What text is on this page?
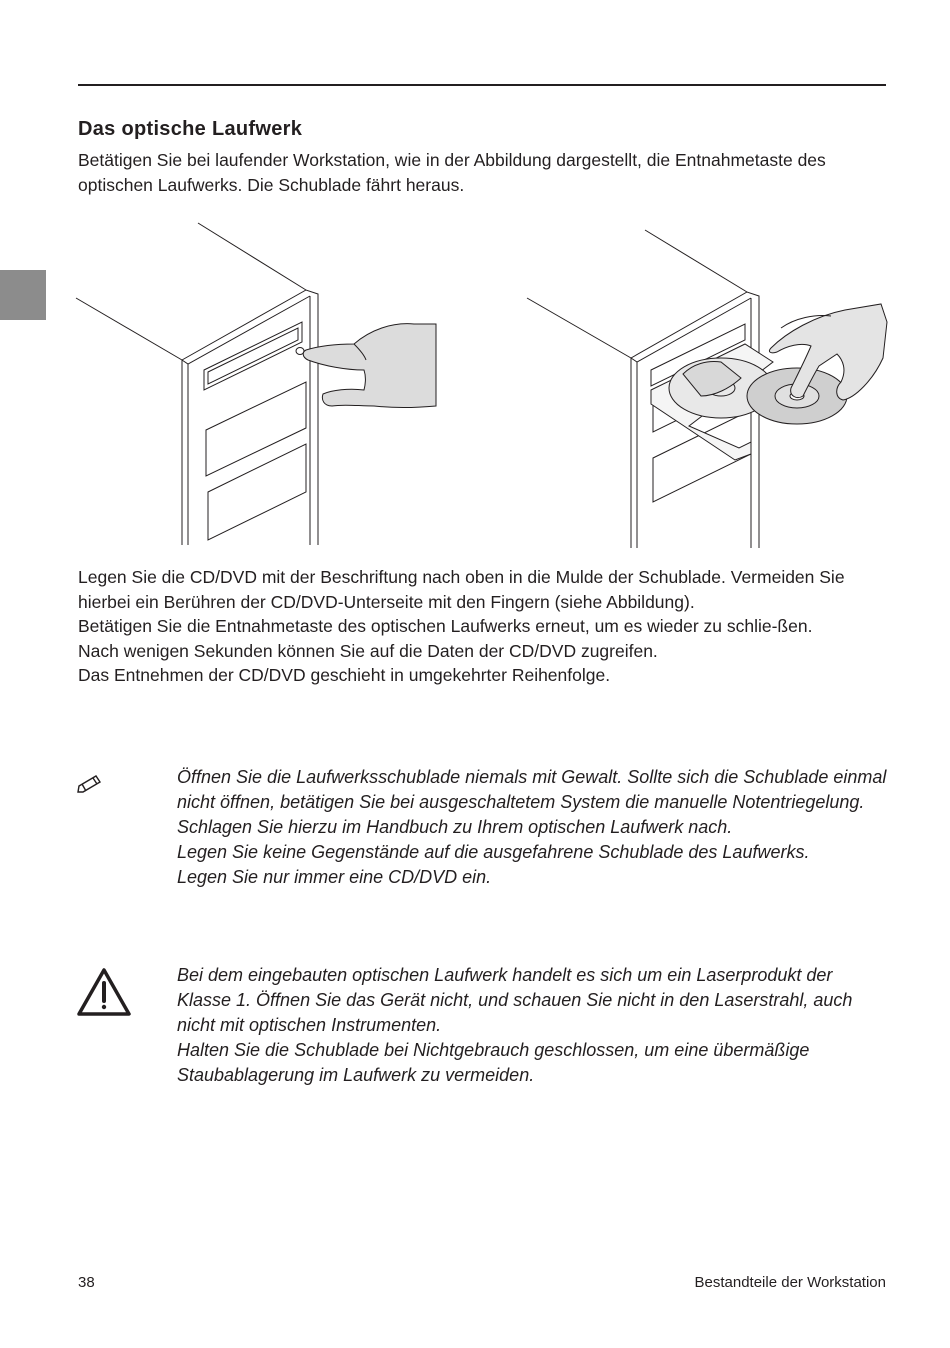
Das optische Laufwerk

Betätigen Sie bei laufender Workstation, wie in der Abbildung dargestellt, die Entnahmetaste des optischen Laufwerks. Die Schublade fährt heraus.

Legen Sie die CD/DVD mit der Beschriftung nach oben in die Mulde der Schublade. Vermeiden Sie hierbei ein Berühren der CD/DVD-Unterseite mit den Fingern (siehe Abbildung).

Betätigen Sie die Entnahmetaste des optischen Laufwerks erneut, um es wieder zu schlie-ßen.

Nach wenigen Sekunden können Sie auf die Daten der CD/DVD zugreifen.

Das Entnehmen der CD/DVD geschieht in umgekehrter Reihenfolge.

Öffnen Sie die Laufwerksschublade niemals mit Gewalt. Sollte sich die Schublade einmal nicht öffnen, betätigen Sie bei ausgeschaltetem System die manuelle Notentriegelung. Schlagen Sie hierzu im Handbuch zu Ihrem optischen Laufwerk nach.

Legen Sie keine Gegenstände auf die ausgefahrene Schublade des Laufwerks.

Legen Sie nur immer eine CD/DVD ein.

Bei dem eingebauten optischen Laufwerk handelt es sich um ein Laserprodukt der Klasse 1. Öffnen Sie das Gerät nicht, und schauen Sie nicht in den Laserstrahl, auch nicht mit optischen Instrumenten.

Halten Sie die Schublade bei Nichtgebrauch geschlossen, um eine übermäßige Staubablagerung im Laufwerk zu vermeiden.

38	Bestandteile der Workstation
